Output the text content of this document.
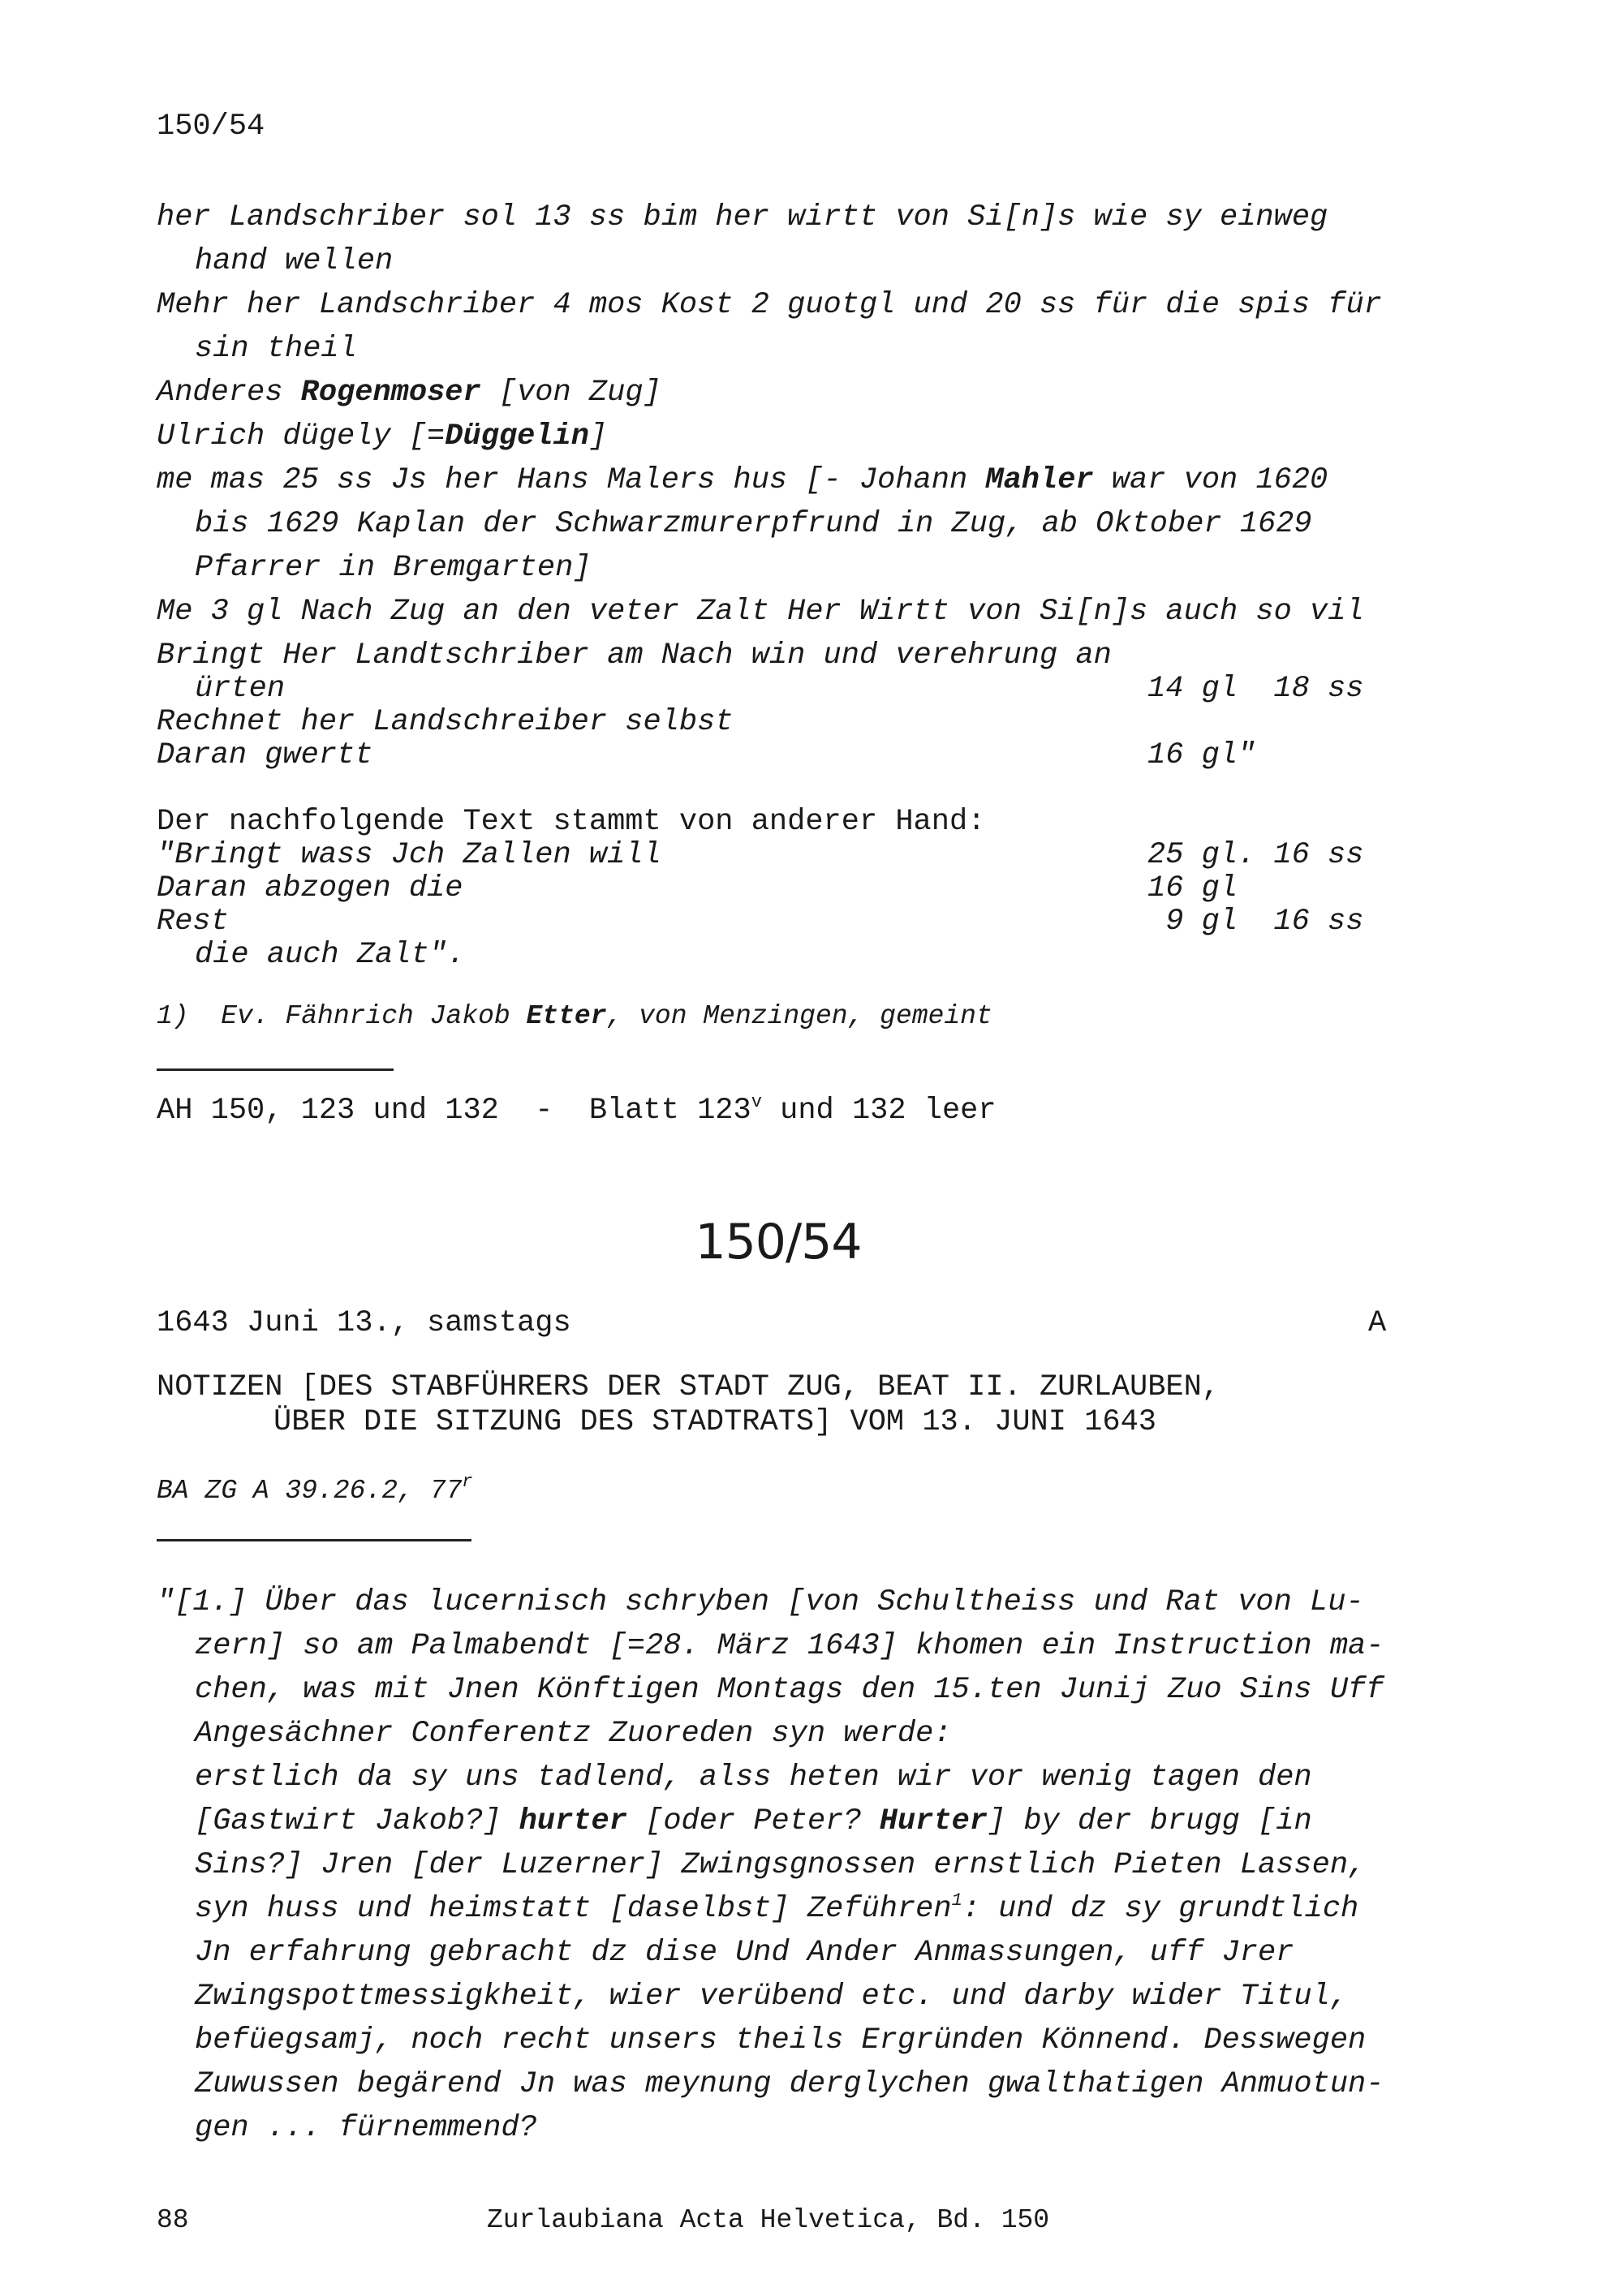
150/54
her Landschriber sol 13 ss bim her wirtt von Si[n]s wie sy einweg
hand wellen
Mehr her Landschriber 4 mos Kost 2 guotgl und 20 ss für die spis für
sin theil
Anderes Rogenmoser [von Zug]
Ulrich dügely [=Düggelin]
me mas 25 ss Js her Hans Malers hus [- Johann Mahler war von 1620
bis 1629 Kaplan der Schwarzmurerpfrund in Zug, ab Oktober 1629
Pfarrer in Bremgarten]
Me 3 gl Nach Zug an den veter Zalt Her Wirtt von Si[n]s auch so vil
Bringt Her Landtschriber am Nach win und verehrung an
ürten	14 gl  18 ss
Rechnet her Landschreiber selbst
Daran gwertt	16 gl"
Der nachfolgende Text stammt von anderer Hand:
"Bringt wass Jch Zallen will	25 gl. 16 ss
Daran abzogen die	16 gl
Rest	9 gl  16 ss
die auch Zalt".
1)  Ev. Fähnrich Jakob Etter, von Menzingen, gemeint
AH 150, 123 und 132  -  Blatt 123$^v$ und 132 leer
150/54
1643 Juni 13., samstags	A
NOTIZEN [DES STABFÜHRERS DER STADT ZUG, BEAT II. ZURLAUBEN,
ÜBER DIE SITZUNG DES STADTRATS] VOM 13. JUNI 1643
BA ZG A 39.26.2, 77$^r$
"[1.] Über das lucernisch schryben [von Schultheiss und Rat von Lu-
zern] so am Palmabendt [=28. März 1643] khomen ein Instruction ma-
chen, was mit Jnen Könftigen Montags den 15.ten Junij Zuo Sins Uff
Angesächner Conferentz Zuoreden syn werde:
erstlich da sy uns tadlend, alss heten wir vor wenig tagen den
[Gastwirt Jakob?] hurter [oder Peter? Hurter] by der brugg [in
Sins?] Jren [der Luzerner] Zwingsgnossen ernstlich Pieten Lassen,
syn huss und heimstatt [daselbst] Zeführen$^1$: und dz sy grundtlich
Jn erfahrung gebracht dz dise Und Ander Anmassungen, uff Jrer
Zwingspottmessigkheit, wier verübend etc. und darby wider Titul,
befüegsamj, noch recht unsers theils Ergründen Könnend. Desswegen
Zuwussen begärend Jn was meynung derglychen gwalthatigen Anmuotun-
gen ... fürnemmend?
88	Zurlaubiana Acta Helvetica, Bd. 150
